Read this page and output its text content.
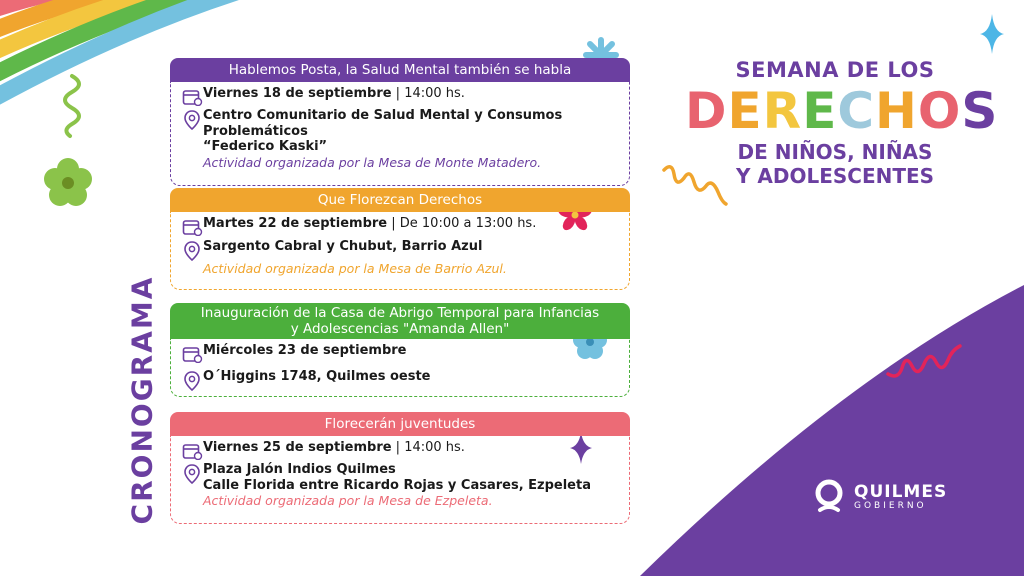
CRONOGRAMA
Hablemos Posta, la Salud Mental también se habla
Viernes 18 de septiembre | 14:00 hs.
Centro Comunitario de Salud Mental y Consumos Problemáticos
“Federico Kaski”
Actividad organizada por la Mesa de Monte Matadero.
Que Florezcan Derechos
Martes 22 de septiembre | De 10:00 a 13:00 hs.
Sargento Cabral y Chubut, Barrio Azul
Actividad organizada por la Mesa de Barrio Azul.
Inauguración de la Casa de Abrigo Temporal para Infancias
y Adolescencias "Amanda Allen"
Miércoles 23 de septiembre
O´Higgins 1748, Quilmes oeste
Florecerán juventudes
Viernes 25 de septiembre | 14:00 hs.
Plaza Jalón Indios Quilmes
Calle Florida entre Ricardo Rojas y Casares, Ezpeleta
Actividad organizada por la Mesa de Ezpeleta.
SEMANA DE LOS
DERECHOS
DE NIÑOS, NIÑAS
Y ADOLESCENTES
QUILMES
GOBIERNO
